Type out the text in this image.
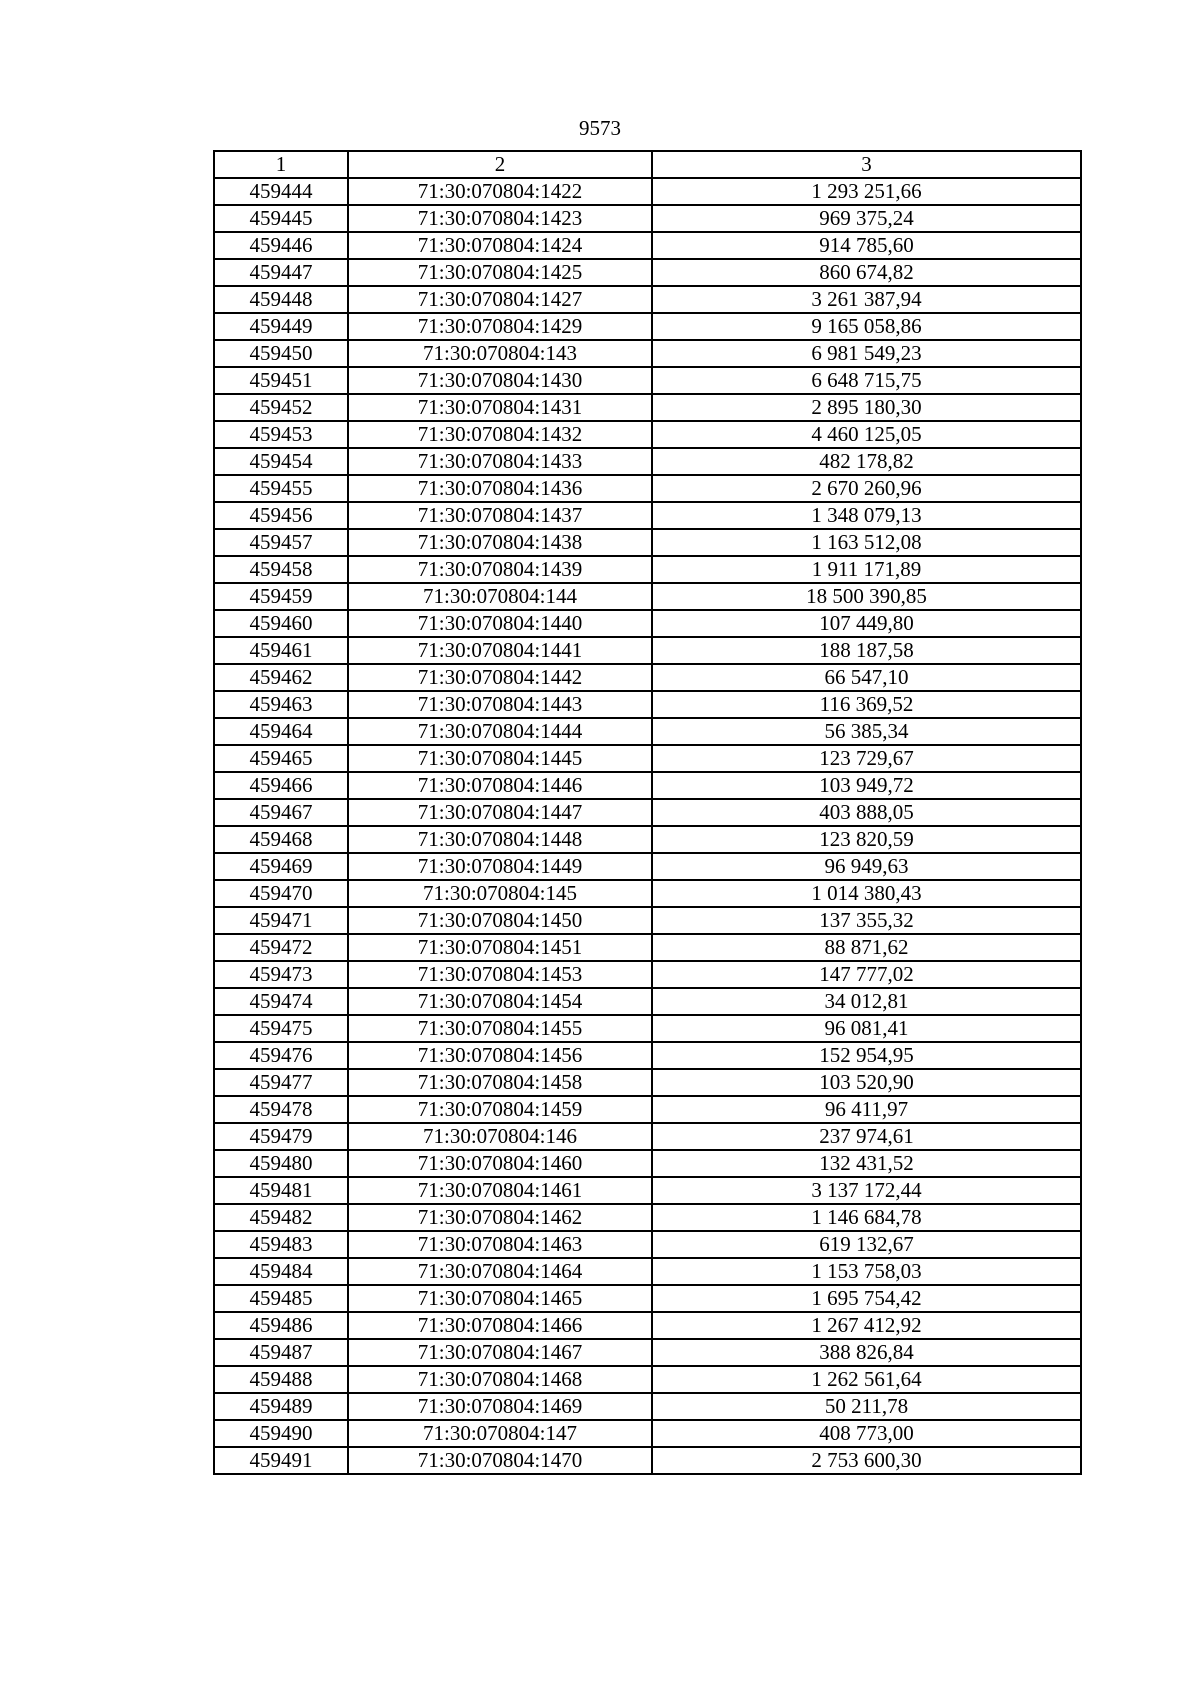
9573
1	2	3
459444	71:30:070804:1422	1 293 251,66
459445	71:30:070804:1423	969 375,24
459446	71:30:070804:1424	914 785,60
459447	71:30:070804:1425	860 674,82
459448	71:30:070804:1427	3 261 387,94
459449	71:30:070804:1429	9 165 058,86
459450	71:30:070804:143	6 981 549,23
459451	71:30:070804:1430	6 648 715,75
459452	71:30:070804:1431	2 895 180,30
459453	71:30:070804:1432	4 460 125,05
459454	71:30:070804:1433	482 178,82
459455	71:30:070804:1436	2 670 260,96
459456	71:30:070804:1437	1 348 079,13
459457	71:30:070804:1438	1 163 512,08
459458	71:30:070804:1439	1 911 171,89
459459	71:30:070804:144	18 500 390,85
459460	71:30:070804:1440	107 449,80
459461	71:30:070804:1441	188 187,58
459462	71:30:070804:1442	66 547,10
459463	71:30:070804:1443	116 369,52
459464	71:30:070804:1444	56 385,34
459465	71:30:070804:1445	123 729,67
459466	71:30:070804:1446	103 949,72
459467	71:30:070804:1447	403 888,05
459468	71:30:070804:1448	123 820,59
459469	71:30:070804:1449	96 949,63
459470	71:30:070804:145	1 014 380,43
459471	71:30:070804:1450	137 355,32
459472	71:30:070804:1451	88 871,62
459473	71:30:070804:1453	147 777,02
459474	71:30:070804:1454	34 012,81
459475	71:30:070804:1455	96 081,41
459476	71:30:070804:1456	152 954,95
459477	71:30:070804:1458	103 520,90
459478	71:30:070804:1459	96 411,97
459479	71:30:070804:146	237 974,61
459480	71:30:070804:1460	132 431,52
459481	71:30:070804:1461	3 137 172,44
459482	71:30:070804:1462	1 146 684,78
459483	71:30:070804:1463	619 132,67
459484	71:30:070804:1464	1 153 758,03
459485	71:30:070804:1465	1 695 754,42
459486	71:30:070804:1466	1 267 412,92
459487	71:30:070804:1467	388 826,84
459488	71:30:070804:1468	1 262 561,64
459489	71:30:070804:1469	50 211,78
459490	71:30:070804:147	408 773,00
459491	71:30:070804:1470	2 753 600,30
